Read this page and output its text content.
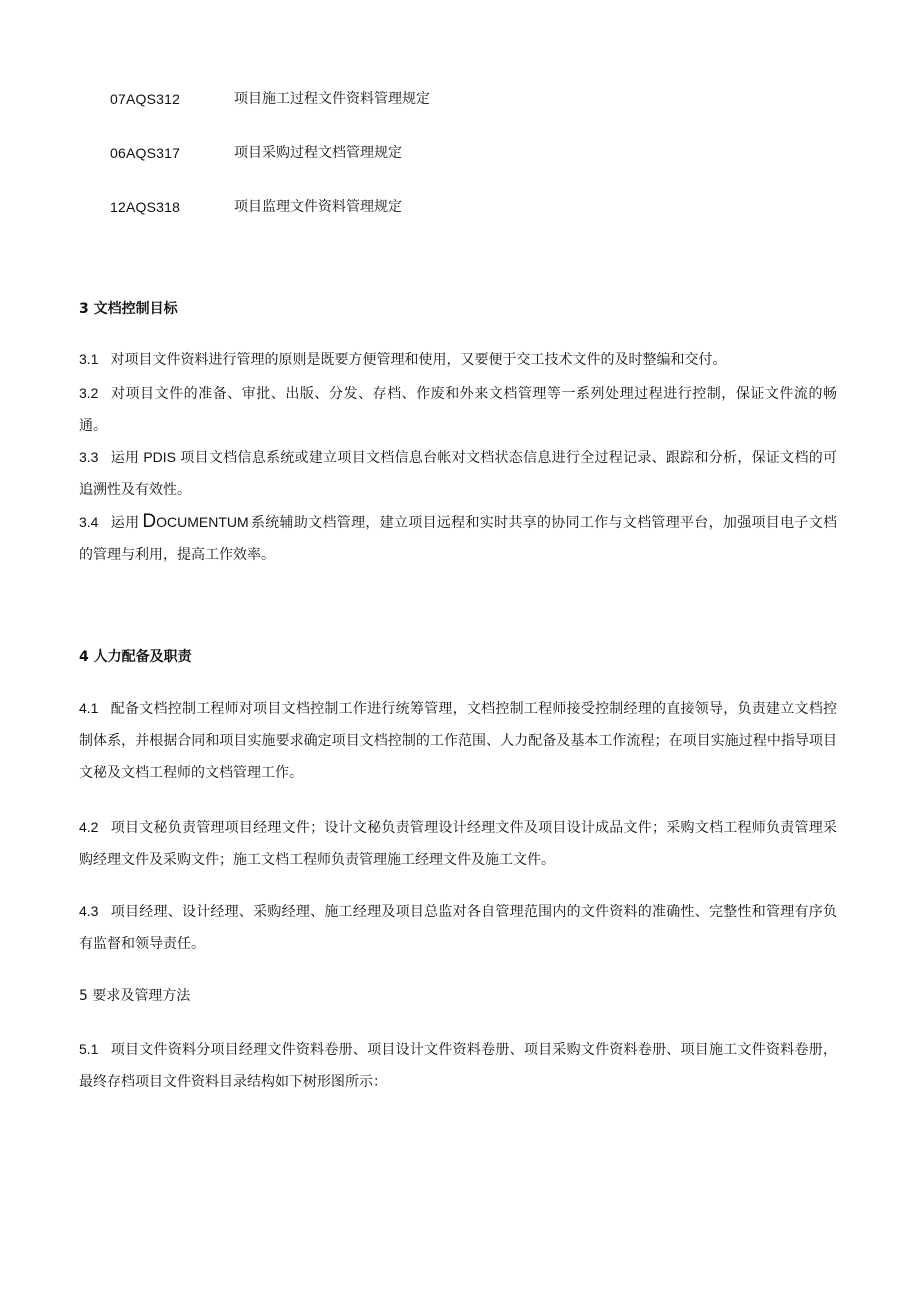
07AQS312	项目施工过程文件资料管理规定
06AQS317	项目采购过程文档管理规定
12AQS318	项目监理文件资料管理规定
3 文档控制目标
3.1 对项目文件资料进行管理的原则是既要方便管理和使用，又要便于交工技术文件的及时整编和交付。
3.2 对项目文件的准备、审批、出版、分发、存档、作废和外来文档管理等一系列处理过程进行控制，保证文件流的畅通。
3.3 运用 PDIS 项目文档信息系统或建立项目文档信息台帐对文档状态信息进行全过程记录、跟踪和分析，保证文档的可追溯性及有效性。
3.4 运用 DOCUMENTUM 系统辅助文档管理，建立项目远程和实时共享的协同工作与文档管理平台，加强项目电子文档的管理与利用，提高工作效率。
4 人力配备及职责
4.1 配备文档控制工程师对项目文档控制工作进行统筹管理，文档控制工程师接受控制经理的直接领导，负责建立文档控制体系，并根据合同和项目实施要求确定项目文档控制的工作范围、人力配备及基本工作流程；在项目实施过程中指导项目文秘及文档工程师的文档管理工作。
4.2 项目文秘负责管理项目经理文件；设计文秘负责管理设计经理文件及项目设计成品文件；采购文档工程师负责管理采购经理文件及采购文件；施工文档工程师负责管理施工经理文件及施工文件。
4.3 项目经理、设计经理、采购经理、施工经理及项目总监对各自管理范围内的文件资料的准确性、完整性和管理有序负有监督和领导责任。
5 要求及管理方法
5.1 项目文件资料分项目经理文件资料卷册、项目设计文件资料卷册、项目采购文件资料卷册、项目施工文件资料卷册，最终存档项目文件资料目录结构如下树形图所示：
